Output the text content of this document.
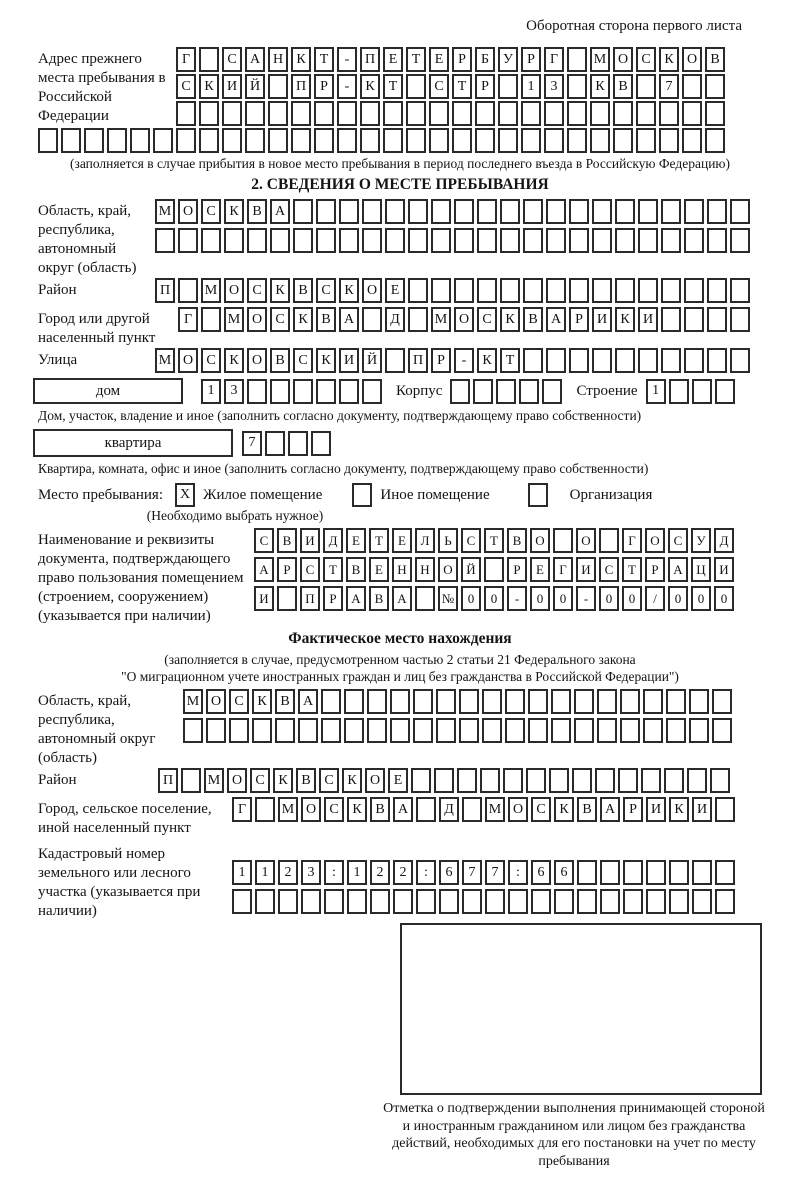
Оборотная сторона первого листа
Адрес прежнего места пребывания в Российской Федерации
Г	С А Н К	Т	-	П Е	Т	Е	Р	Б	У	Р	Г	М О С К О В
С К И Й	П	Р	-	К	Т	С	Т	Р	1	3	К В	7
(заполняется в случае прибытия в новое место пребывания в период последнего въезда в Российскую Федерацию)
2. СВЕДЕНИЯ О МЕСТЕ ПРЕБЫВАНИЯ
Область, край, республика, автономный округ (область)
М О С К В А
Район	П	М О С К В С К О Е
Город или другой населенный пункт
Г	М О С К В А	Д	М О С К В А	Р	И К И
Улица	М О С К О В С К И Й	П	Р	-	К	Т
дом	1	3	Корпус	Строение	1
Дом, участок, владение и иное (заполнить согласно документу, подтверждающему право собственности)
квартира	7
Квартира, комната, офис и иное (заполнить согласно документу, подтверждающему право собственности)
Место пребывания:	X Жилое помещение	Иное помещение	Организация
(Необходимо выбрать нужное)
Наименование и реквизиты документа, подтверждающего право пользования помещением (строением, сооружением) (указывается при наличии)
С	В	И	Д	Е	Т	Е	Л	Ь	С	Т	В	О	О	Г	О	С	У	Д
А	Р	С	Т	В	Е	Н	Н	О	Й	Р	Е	Г	И	С	Т	Р	А	Ц	И
И	П	Р	А	В	А	№	0	0	-	0	0	-	0	0	/	0	0	0
Фактическое место нахождения
(заполняется в случае, предусмотренном частью 2 статьи 21 Федерального закона
"О миграционном учете иностранных граждан и лиц без гражданства в Российской Федерации")
Область, край, республика, автономный округ (область)
М О С К В А
Район	П	М О С К В С К О Е
Город, сельское поселение, иной населенный пункт
Г	М О С К В А	Д	М О С К В А	Р	И К И
Кадастровый номер земельного или лесного участка (указывается при наличии)
1	1	2	3	:	1	2	2	:	6	7	7	:	6	6
Отметка о подтверждении выполнения принимающей стороной и иностранным гражданином или лицом без гражданства действий, необходимых для его постановки на учет по месту пребывания
